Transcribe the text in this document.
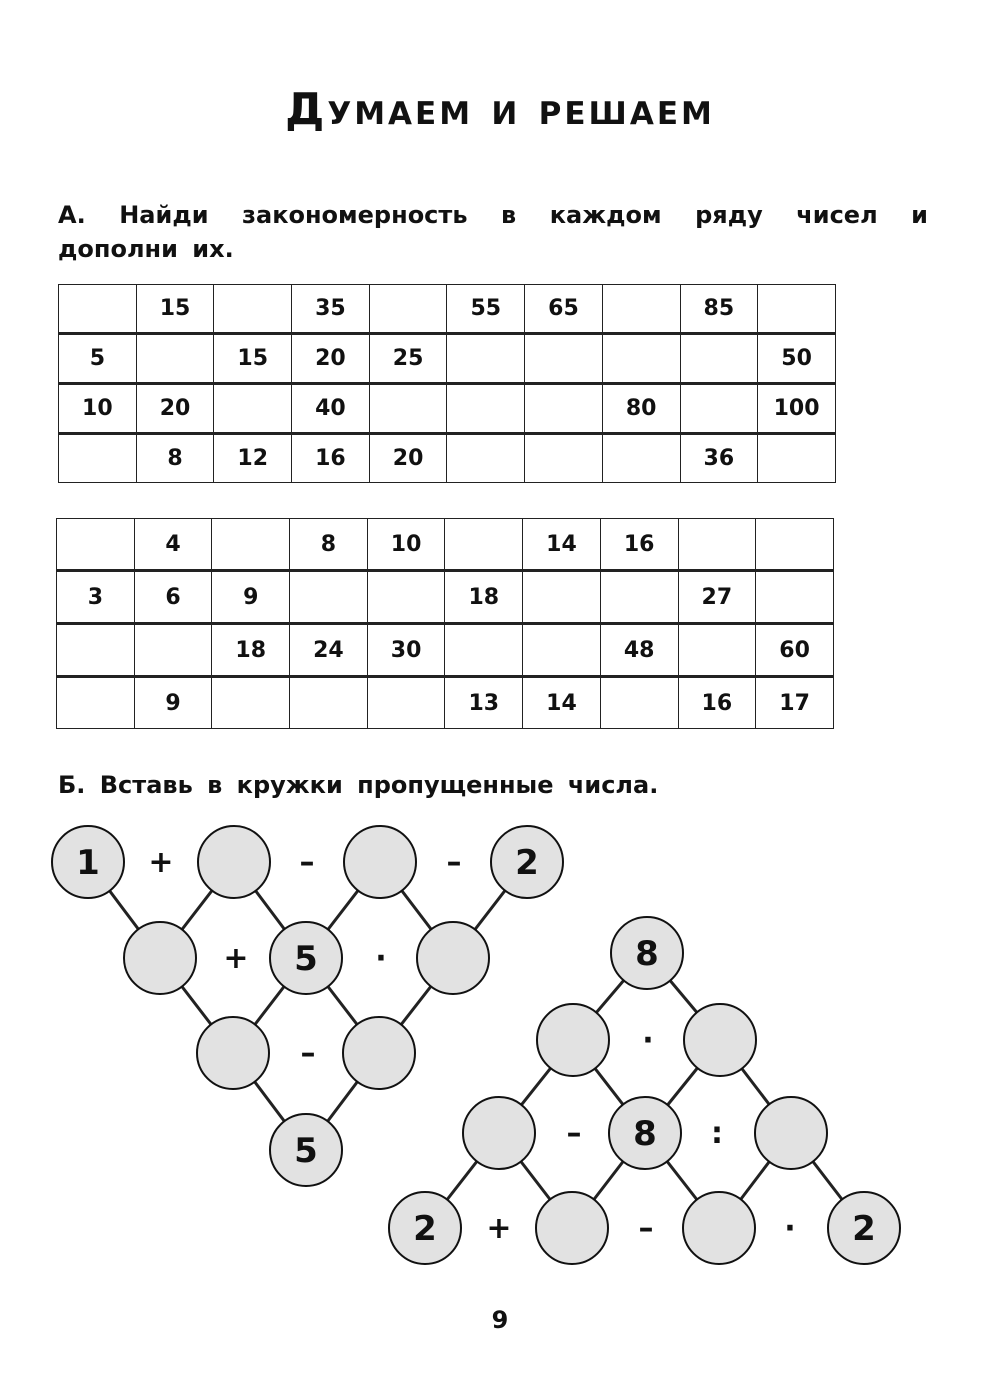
Думаем и решаем
А. Найди закономерность в каждом ряду чисел и дополни их.
	15		35		55	65		85	
5		15	20	25					50
10	20		40				80		100
	8	12	16	20				36	
	4		8	10		14	16		
3	6	9			18			27	
		18	24	30			48		60
	9				13	14		16	17
Б. Вставь в кружки пропущенные числа.
1	2
5
5
+	–	–
+	·
–
8
8
2	2
·
–	:
+	–	·
9
